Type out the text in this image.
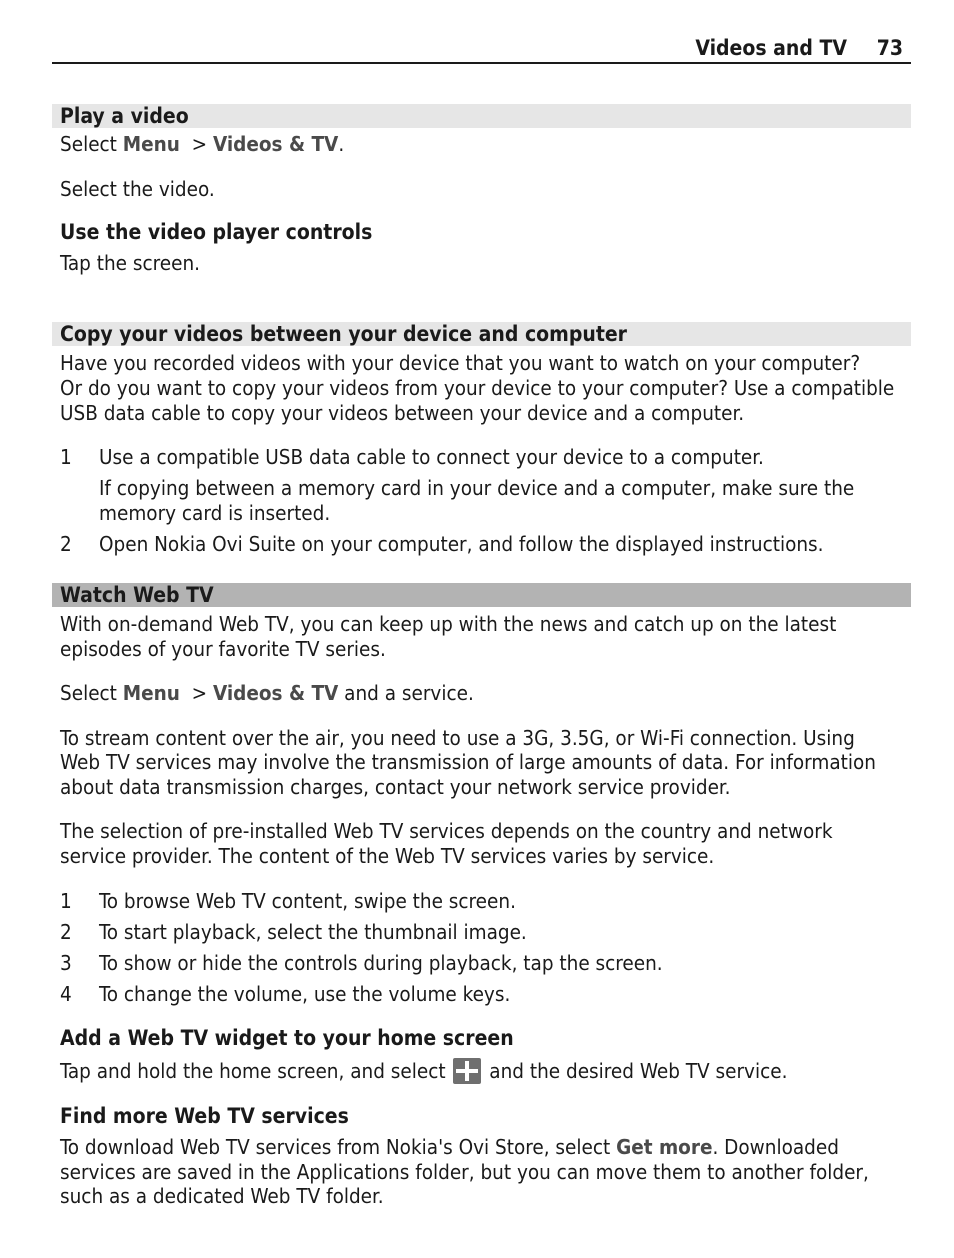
Videos and TV 73
Play a video
Select Menu  > Videos & TV.
Select the video.
Use the video player controls
Tap the screen.
Copy your videos between your device and computer
Have you recorded videos with your device that you want to watch on your computer?
Or do you want to copy your videos from your device to your computer? Use a compatible
USB data cable to copy your videos between your device and a computer.
1 Use a compatible USB data cable to connect your device to a computer.
If copying between a memory card in your device and a computer, make sure the
memory card is inserted.
2 Open Nokia Ovi Suite on your computer, and follow the displayed instructions.
Watch Web TV
With on-demand Web TV, you can keep up with the news and catch up on the latest
episodes of your favorite TV series.
Select Menu  > Videos & TV and a service.
To stream content over the air, you need to use a 3G, 3.5G, or Wi-Fi connection. Using
Web TV services may involve the transmission of large amounts of data. For information
about data transmission charges, contact your network service provider.
The selection of pre-installed Web TV services depends on the country and network
service provider. The content of the Web TV services varies by service.
1 To browse Web TV content, swipe the screen.
2 To start playback, select the thumbnail image.
3 To show or hide the controls during playback, tap the screen.
4 To change the volume, use the volume keys.
Add a Web TV widget to your home screen
Tap and hold the home screen, and select  and the desired Web TV service.
Find more Web TV services
To download Web TV services from Nokia's Ovi Store, select Get more. Downloaded
services are saved in the Applications folder, but you can move them to another folder,
such as a dedicated Web TV folder.
